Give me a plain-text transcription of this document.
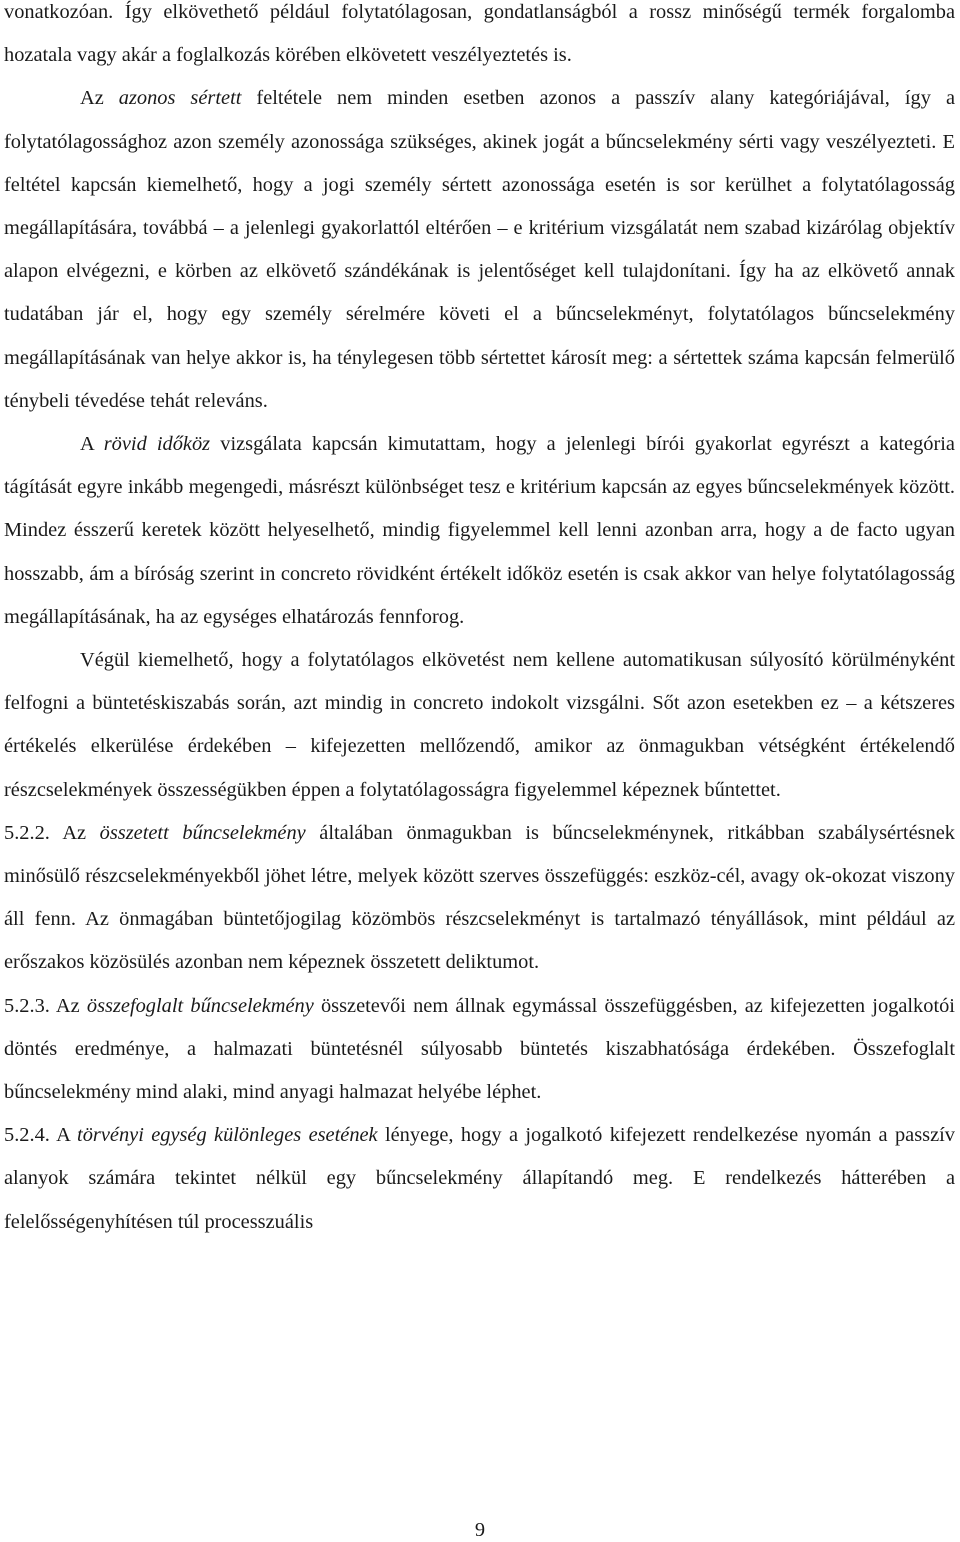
vonatkozóan. Így elkövethető például folytatólagosan, gondatlanságból a rossz minőségű termék forgalomba hozatala vagy akár a foglalkozás körében elkövetett veszélyeztetés is.

Az azonos sértett feltétele nem minden esetben azonos a passzív alany kategóriájával, így a folytatólagossághoz azon személy azonossága szükséges, akinek jogát a bűncselekmény sérti vagy veszélyezteti. E feltétel kapcsán kiemelhető, hogy a jogi személy sértett azonossága esetén is sor kerülhet a folytatólagosság megállapítására, továbbá – a jelenlegi gyakorlattól eltérően – e kritérium vizsgálatát nem szabad kizárólag objektív alapon elvégezni, e körben az elkövető szándékának is jelentőséget kell tulajdonítani. Így ha az elkövető annak tudatában jár el, hogy egy személy sérelmére követi el a bűncselekményt, folytatólagos bűncselekmény megállapításának van helye akkor is, ha ténylegesen több sértettet károsít meg: a sértettek száma kapcsán felmerülő ténybeli tévedése tehát releváns.

A rövid időköz vizsgálata kapcsán kimutattam, hogy a jelenlegi bírói gyakorlat egyrészt a kategória tágítását egyre inkább megengedi, másrészt különbséget tesz e kritérium kapcsán az egyes bűncselekmények között. Mindez ésszerű keretek között helyeselhető, mindig figyelemmel kell lenni azonban arra, hogy a de facto ugyan hosszabb, ám a bíróság szerint in concreto rövidként értékelt időköz esetén is csak akkor van helye folytatólagosság megállapításának, ha az egységes elhatározás fennforog.

Végül kiemelhető, hogy a folytatólagos elkövetést nem kellene automatikusan súlyosító körülményként felfogni a büntetéskiszabás során, azt mindig in concreto indokolt vizsgálni. Sőt azon esetekben ez – a kétszeres értékelés elkerülése érdekében – kifejezetten mellőzendő, amikor az önmagukban vétségként értékelendő részcselekmények összességükben éppen a folytatólagosságra figyelemmel képeznek bűntettet.

5.2.2. Az összetett bűncselekmény általában önmagukban is bűncselekménynek, ritkábban szabálysértésnek minősülő részcselekményekből jöhet létre, melyek között szerves összefüggés: eszköz-cél, avagy ok-okozat viszony áll fenn. Az önmagában büntetőjogilag közömbös részcselekményt is tartalmazó tényállások, mint például az erőszakos közösülés azonban nem képeznek összetett deliktumot.

5.2.3. Az összefoglalt bűncselekmény összetevői nem állnak egymással összefüggésben, az kifejezetten jogalkotói döntés eredménye, a halmazati büntetésnél súlyosabb büntetés kiszabhatósága érdekében. Összefoglalt bűncselekmény mind alaki, mind anyagi halmazat helyébe léphet.

5.2.4. A törvényi egység különleges esetének lényege, hogy a jogalkotó kifejezett rendelkezése nyomán a passzív alanyok számára tekintet nélkül egy bűncselekmény állapítandó meg. E rendelkezés hátterében a felelősségenyhítésen túl processzuális

9
